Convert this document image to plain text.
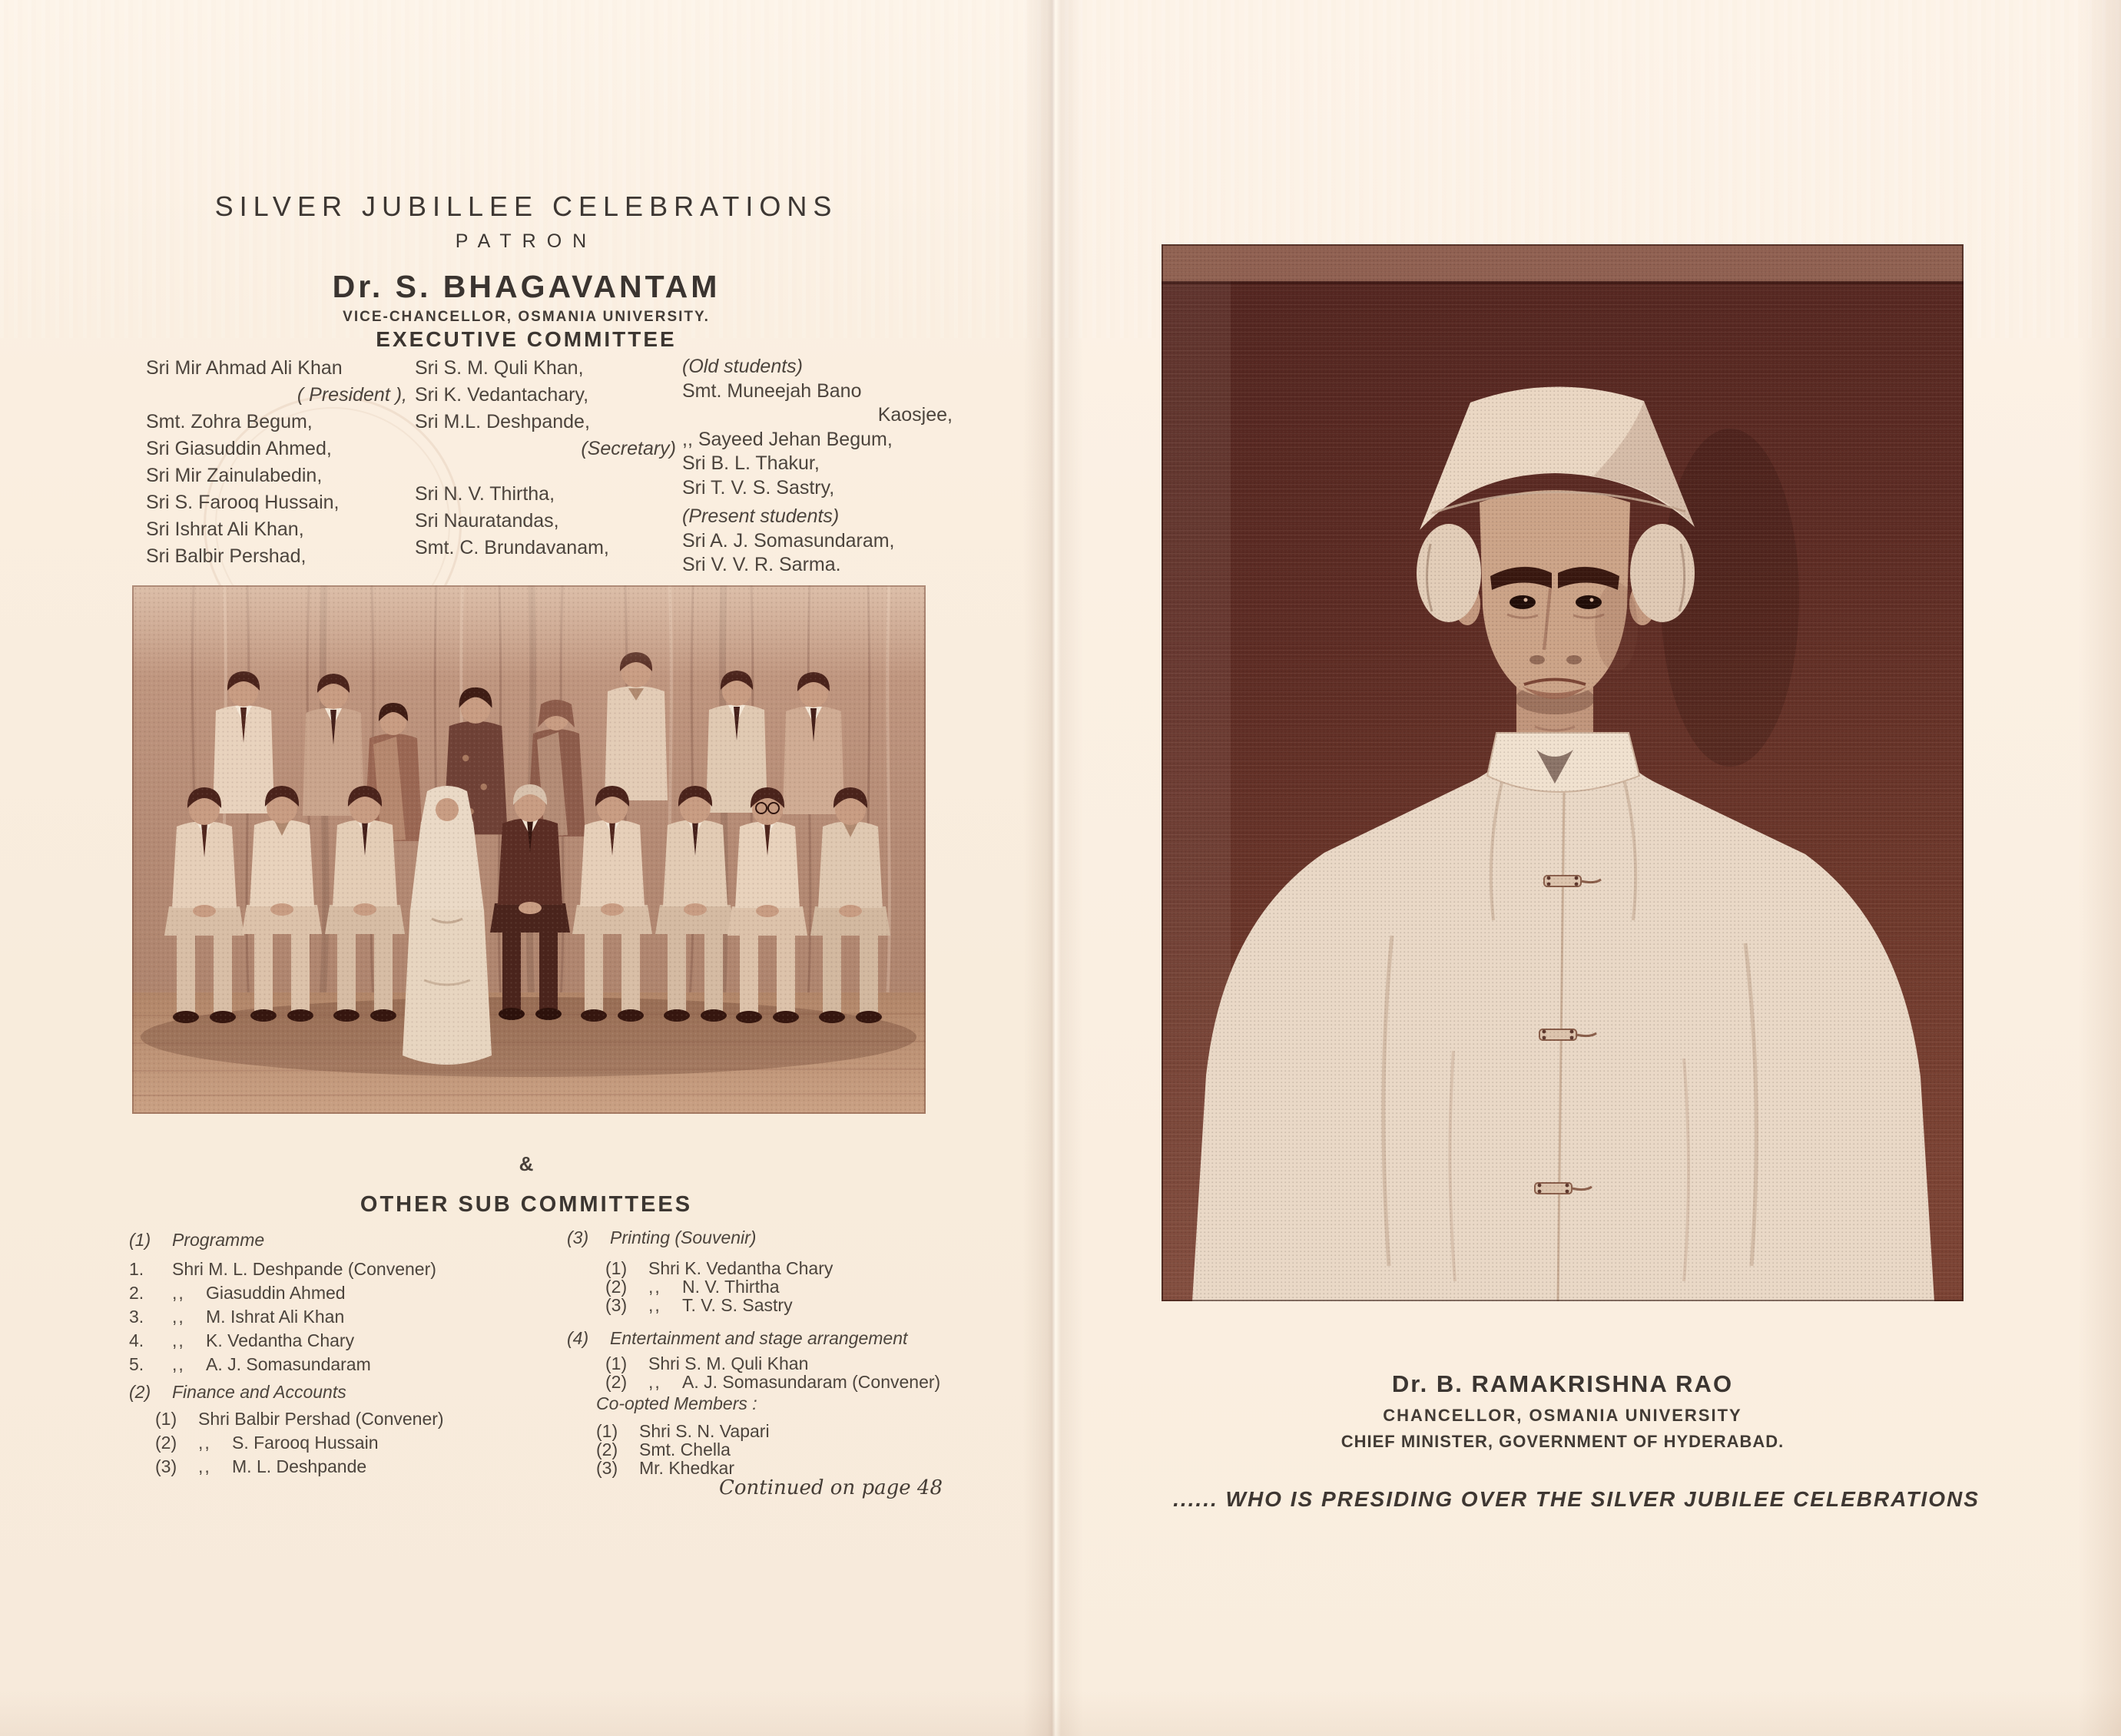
SILVER JUBILLEE CELEBRATIONS
PATRON
Dr. S. BHAGAVANTAM
VICE-CHANCELLOR, OSMANIA UNIVERSITY.
EXECUTIVE COMMITTEE
Sri Mir Ahmad Ali Khan
( President ),
Smt. Zohra Begum,
Sri Giasuddin Ahmed,
Sri Mir Zainulabedin,
Sri S. Farooq Hussain,
Sri Ishrat Ali Khan,
Sri Balbir Pershad,
Sri S. M. Quli Khan,
Sri K. Vedantachary,
Sri M.L. Deshpande,
(Secretary)
Sri N. V. Thirtha,
Sri Nauratandas,
Smt. C. Brundavanam,
(Old students)
Smt. Muneejah Bano
Kaosjee,
,, Sayeed Jehan Begum,
Sri B. L. Thakur,
Sri T. V. S. Sastry,
(Present students)
Sri A. J. Somasundaram,
Sri V. V. R. Sarma.
&
OTHER SUB COMMITTEES
(1) Programme
1. Shri M. L. Deshpande (Convener)
2. ,, Giasuddin Ahmed
3. ,, M. Ishrat Ali Khan
4. ,, K. Vedantha Chary
5. ,, A. J. Somasundaram
(2) Finance and Accounts
(1) Shri Balbir Pershad (Convener)
(2) ,, S. Farooq Hussain
(3) ,, M. L. Deshpande
(3) Printing (Souvenir)
(1) Shri K. Vedantha Chary
(2) ,, N. V. Thirtha
(3) ,, T. V. S. Sastry
(4) Entertainment and stage arrangement
(1) Shri S. M. Quli Khan
(2) ,, A. J. Somasundaram (Convener)
Co-opted Members :
(1) Shri S. N. Vapari
(2) Smt. Chella
(3) Mr. Khedkar
Continued on page 48
Dr. B. RAMAKRISHNA RAO
CHANCELLOR, OSMANIA UNIVERSITY
CHIEF MINISTER, GOVERNMENT OF HYDERABAD.
...... WHO IS PRESIDING OVER THE SILVER JUBILEE CELEBRATIONS
